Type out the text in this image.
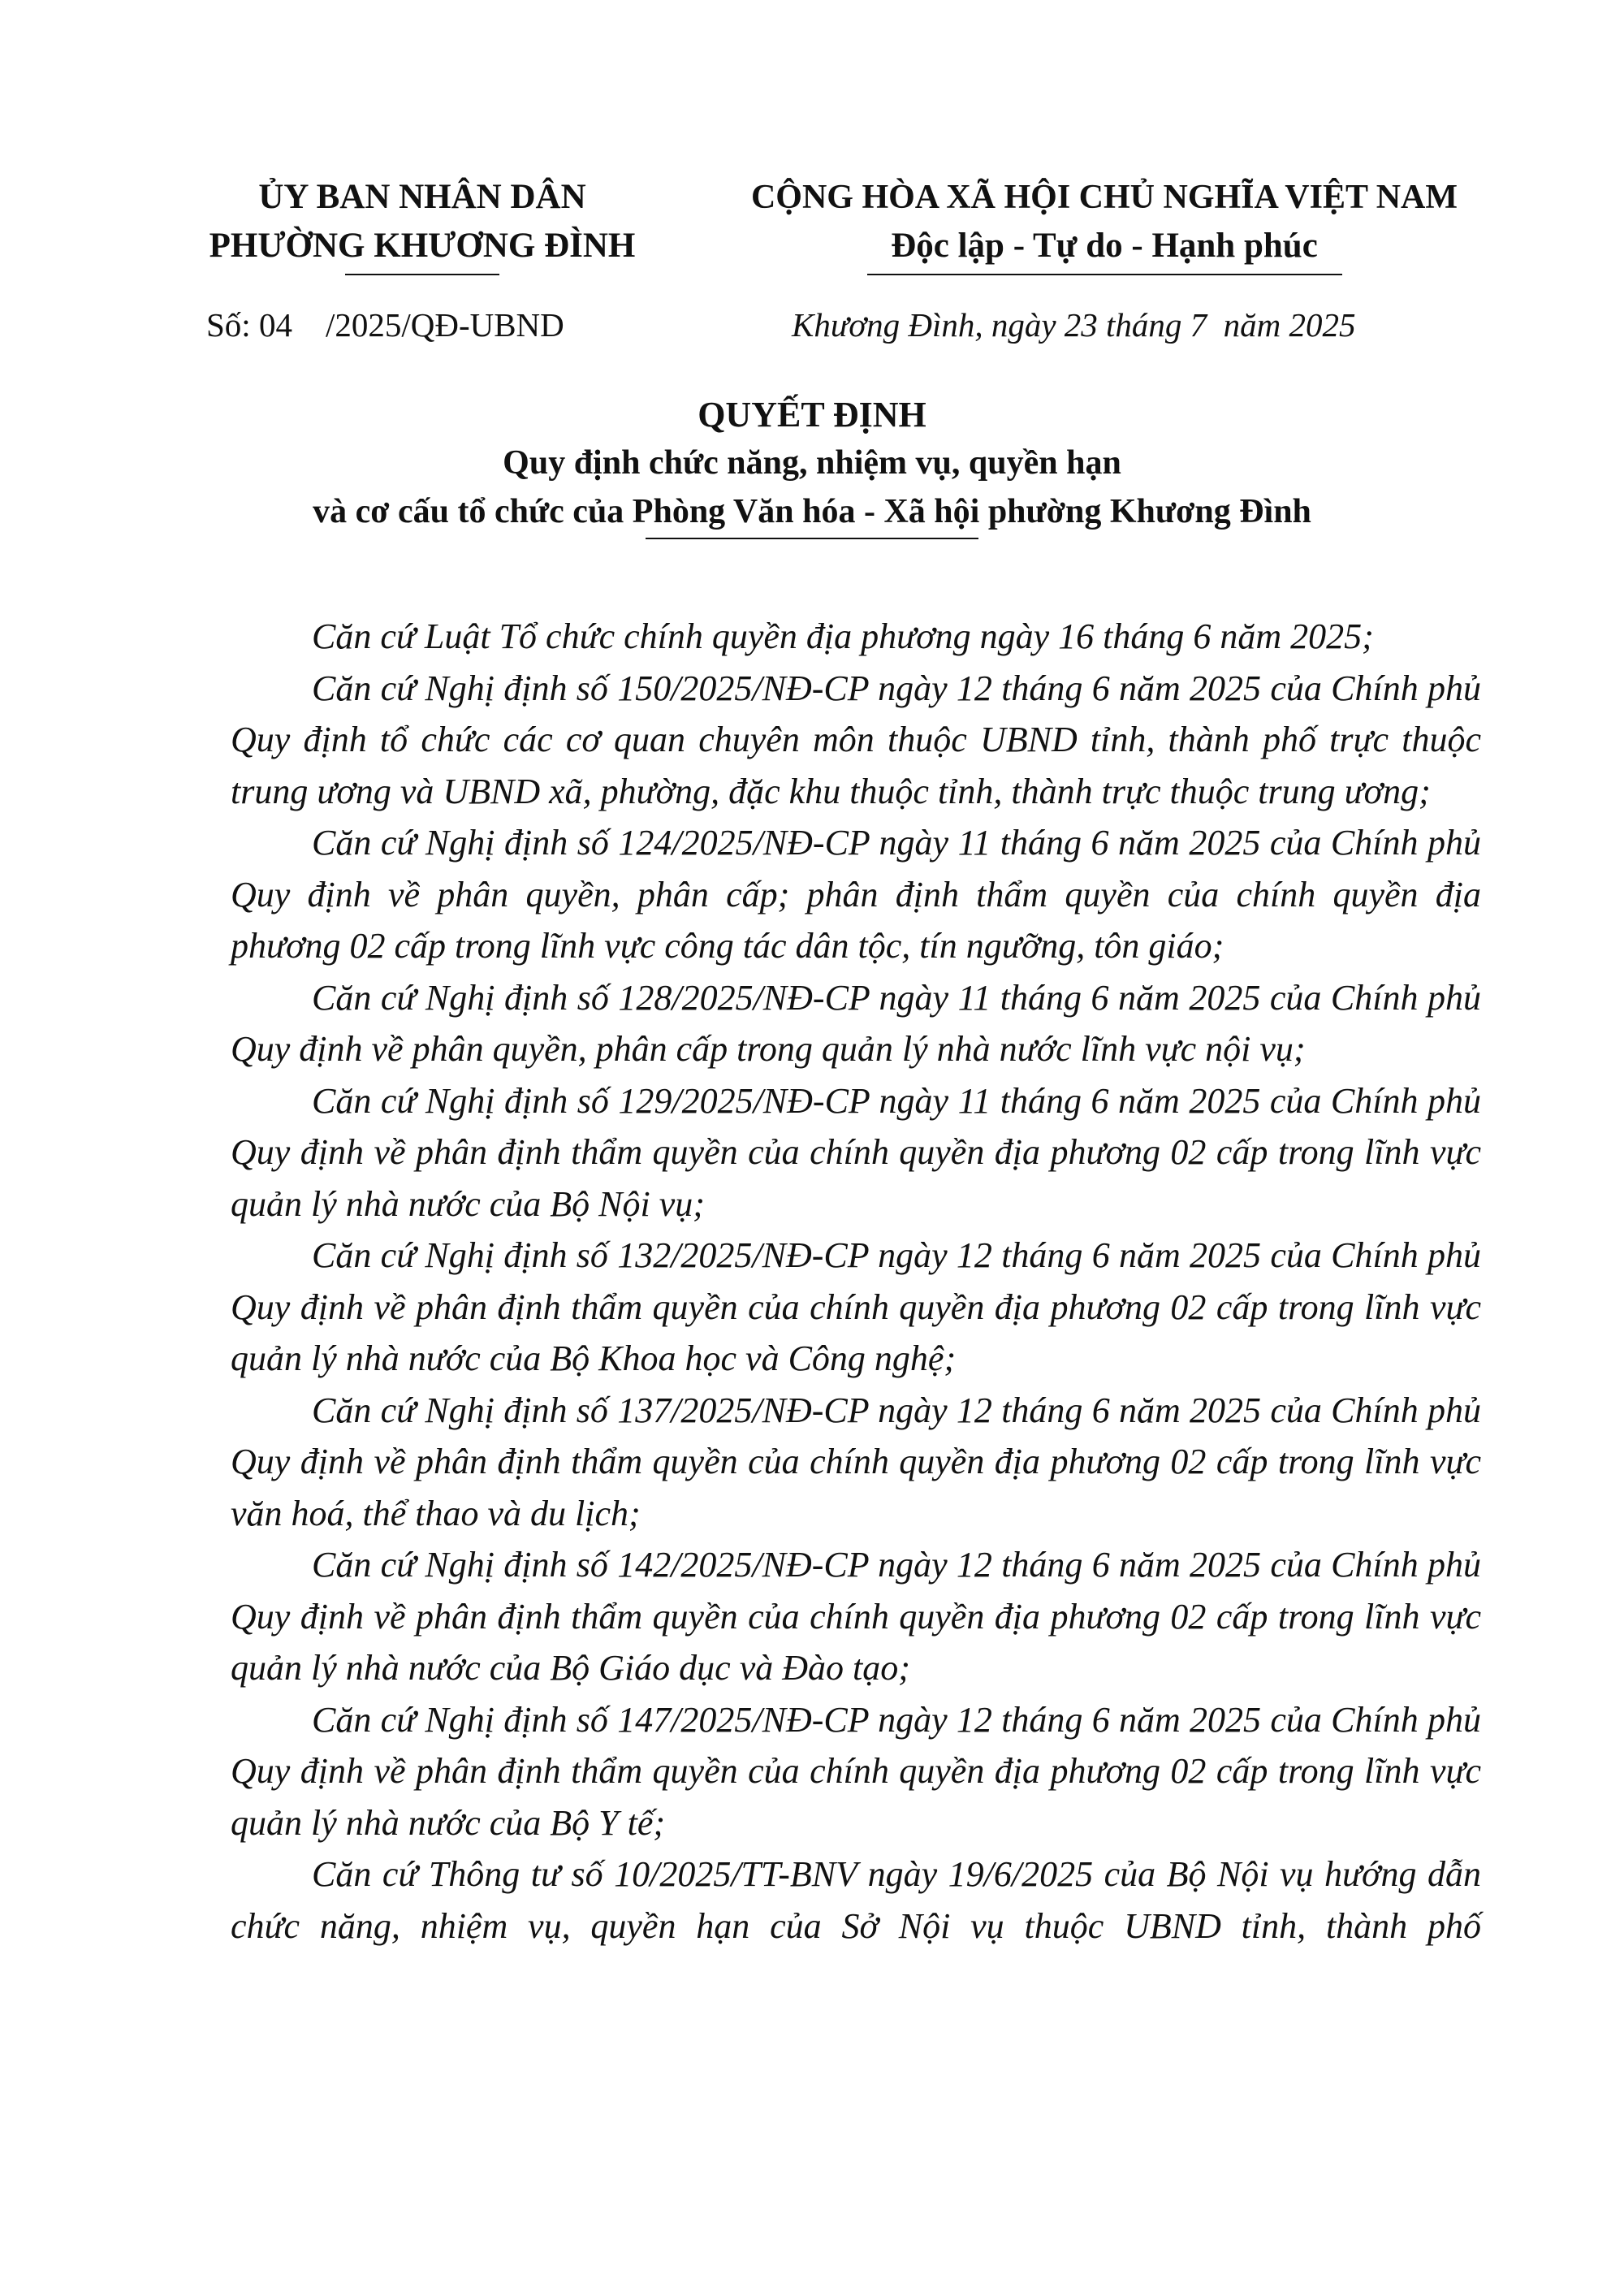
ỦY BAN NHÂN DÂN
PHƯỜNG KHƯƠNG ĐÌNH
CỘNG HÒA XÃ HỘI CHỦ NGHĨA VIỆT NAM
Độc lập - Tự do - Hạnh phúc
Số: 04    /2025/QĐ-UBND	Khương Đình, ngày 23 tháng 7  năm 2025
QUYẾT ĐỊNH
Quy định chức năng, nhiệm vụ, quyền hạn
và cơ cấu tổ chức của Phòng Văn hóa - Xã hội phường Khương Đình

Căn cứ Luật Tổ chức chính quyền địa phương ngày 16 tháng 6 năm 2025;

Căn cứ Nghị định số 150/2025/NĐ-CP ngày 12 tháng 6 năm 2025 của Chính phủ Quy định tổ chức các cơ quan chuyên môn thuộc UBND tỉnh, thành phố trực thuộc trung ương và UBND xã, phường, đặc khu thuộc tỉnh, thành trực thuộc trung ương;

Căn cứ Nghị định số 124/2025/NĐ-CP ngày 11 tháng 6 năm 2025 của Chính phủ Quy định về phân quyền, phân cấp; phân định thẩm quyền của chính quyền địa phương 02 cấp trong lĩnh vực công tác dân tộc, tín ngưỡng, tôn giáo;

Căn cứ Nghị định số 128/2025/NĐ-CP ngày 11 tháng 6 năm 2025 của Chính phủ Quy định về phân quyền, phân cấp trong quản lý nhà nước lĩnh vực nội vụ;

Căn cứ Nghị định số 129/2025/NĐ-CP ngày 11 tháng 6 năm 2025 của Chính phủ Quy định về phân định thẩm quyền của chính quyền địa phương 02 cấp trong lĩnh vực quản lý nhà nước của Bộ Nội vụ;

Căn cứ Nghị định số 132/2025/NĐ-CP ngày 12 tháng 6 năm 2025 của Chính phủ Quy định về phân định thẩm quyền của chính quyền địa phương 02 cấp trong lĩnh vực quản lý nhà nước của Bộ Khoa học và Công nghệ;

Căn cứ Nghị định số 137/2025/NĐ-CP ngày 12 tháng 6 năm 2025 của Chính phủ Quy định về phân định thẩm quyền của chính quyền địa phương 02 cấp trong lĩnh vực văn hoá, thể thao và du lịch;

Căn cứ Nghị định số 142/2025/NĐ-CP ngày 12 tháng 6 năm 2025 của Chính phủ Quy định về phân định thẩm quyền của chính quyền địa phương 02 cấp trong lĩnh vực quản lý nhà nước của Bộ Giáo dục và Đào tạo;

Căn cứ Nghị định số 147/2025/NĐ-CP ngày 12 tháng 6 năm 2025 của Chính phủ Quy định về phân định thẩm quyền của chính quyền địa phương 02 cấp trong lĩnh vực quản lý nhà nước của Bộ Y tế;

Căn cứ Thông tư số 10/2025/TT-BNV ngày 19/6/2025 của Bộ Nội vụ hướng dẫn chức năng, nhiệm vụ, quyền hạn của Sở Nội vụ thuộc UBND tỉnh, thành phố
